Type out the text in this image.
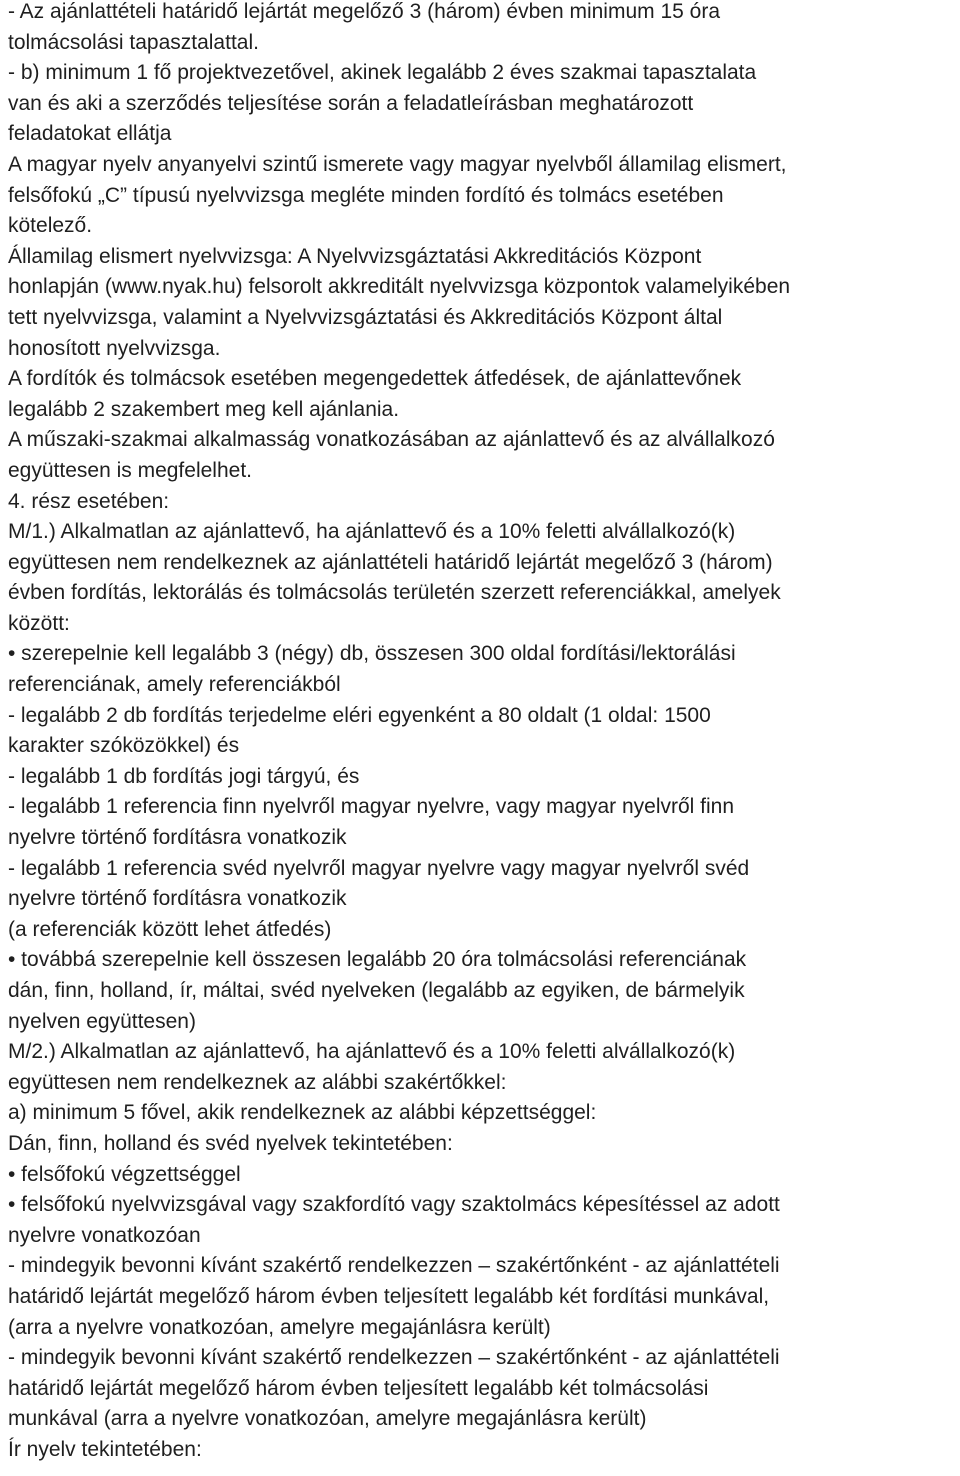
- Az ajánlattételi határidő lejártát megelőző 3 (három) évben minimum 15 óra
tolmácsolási tapasztalattal.
- b) minimum 1 fő projektvezetővel, akinek legalább 2 éves szakmai tapasztalata
van és aki a szerződés teljesítése során a feladatleírásban meghatározott
feladatokat ellátja
A magyar nyelv anyanyelvi szintű ismerete vagy magyar nyelvből államilag elismert,
felsőfokú „C” típusú nyelvvizsga megléte minden fordító és tolmács esetében
kötelező.
Államilag elismert nyelvvizsga: A Nyelvvizsgáztatási Akkreditációs Központ
honlapján (www.nyak.hu) felsorolt akkreditált nyelvvizsga központok valamelyikében
tett nyelvvizsga, valamint a Nyelvvizsgáztatási és Akkreditációs Központ által
honosított nyelvvizsga.
A fordítók és tolmácsok esetében megengedettek átfedések, de ajánlattevőnek
legalább 2 szakembert meg kell ajánlania.
A műszaki-szakmai alkalmasság vonatkozásában az ajánlattevő és az alvállalkozó
együttesen is megfelelhet.
4. rész esetében:
M/1.) Alkalmatlan az ajánlattevő, ha ajánlattevő és a 10% feletti alvállalkozó(k)
együttesen nem rendelkeznek az ajánlattételi határidő lejártát megelőző 3 (három)
évben fordítás, lektorálás és tolmácsolás területén szerzett referenciákkal, amelyek
között:
• szerepelnie kell legalább 3 (négy) db, összesen 300 oldal fordítási/lektorálási
referenciának, amely referenciákból
- legalább 2 db fordítás terjedelme eléri egyenként a 80 oldalt (1 oldal: 1500
karakter szóközökkel) és
- legalább 1 db fordítás jogi tárgyú, és
- legalább 1 referencia finn nyelvről magyar nyelvre, vagy magyar nyelvről finn
nyelvre történő fordításra vonatkozik
- legalább 1 referencia svéd nyelvről magyar nyelvre vagy magyar nyelvről svéd
nyelvre történő fordításra vonatkozik
(a referenciák között lehet átfedés)
• továbbá szerepelnie kell összesen legalább 20 óra tolmácsolási referenciának
dán, finn, holland, ír, máltai, svéd nyelveken (legalább az egyiken, de bármelyik
nyelven együttesen)
M/2.) Alkalmatlan az ajánlattevő, ha ajánlattevő és a 10% feletti alvállalkozó(k)
együttesen nem rendelkeznek az alábbi szakértőkkel:
a) minimum 5 fővel, akik rendelkeznek az alábbi képzettséggel:
Dán, finn, holland és svéd nyelvek tekintetében:
• felsőfokú végzettséggel
• felsőfokú nyelvvizsgával vagy szakfordító vagy szaktolmács képesítéssel az adott
nyelvre vonatkozóan
- mindegyik bevonni kívánt szakértő rendelkezzen – szakértőnként - az ajánlattételi
határidő lejártát megelőző három évben teljesített legalább két fordítási munkával,
(arra a nyelvre vonatkozóan, amelyre megajánlásra került)
- mindegyik bevonni kívánt szakértő rendelkezzen – szakértőnként - az ajánlattételi
határidő lejártát megelőző három évben teljesített legalább két tolmácsolási
munkával (arra a nyelvre vonatkozóan, amelyre megajánlásra került)
Ír nyelv tekintetében:
